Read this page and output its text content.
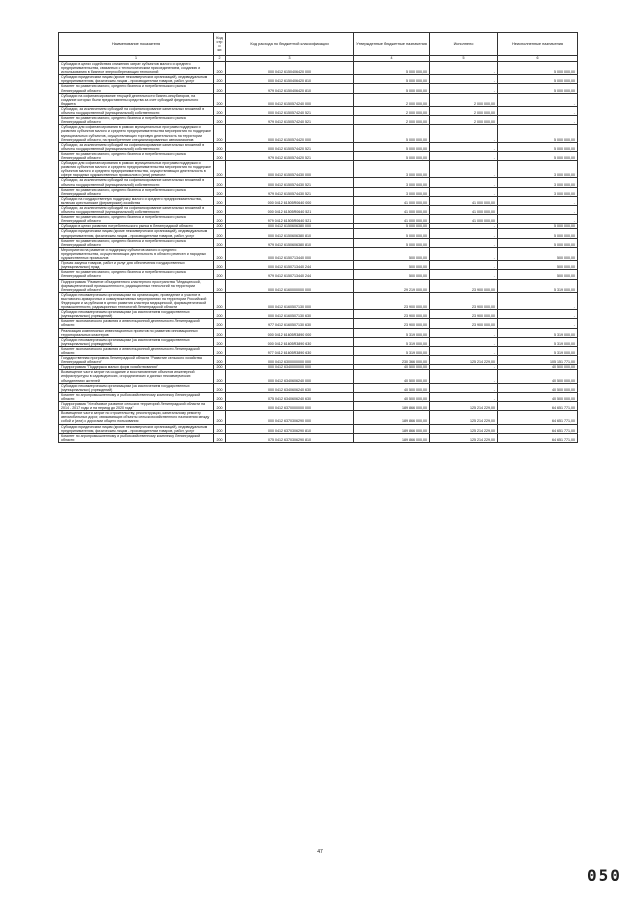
Наименование показателя	Код стро ки	Код расхода по бюджетной классификации	Утвержденные бюджетные назначения	Исполнено	Неисполненные назначения
1	2	3	4	5	6
Субсидии в целях содействия снижению затрат субъектов малого и среднего предпринимательства, связанных с технологическим присоединением, созданию и использованию в бизнесе энергосберегающих технологий	200	000 0412 6150406420 000	5 000 000,00	-	5 000 000,00
Субсидии юридическим лицам (кроме некоммерческих организаций), индивидуальным предпринимателям, физическим лицам - производителям товаров, работ, услуг	200	000 0412 6150406420 810	5 000 000,00	-	5 000 000,00
Комитет по развитию малого, среднего бизнеса и потребительского рынка Ленинградской области	200	979 0412 6150406420 810	5 000 000,00	-	5 000 000,00
Субсидии на софинансирование текущей деятельности бизнес-инкубаторов, на создание которых были предоставлены средства за счет субсидий федерального бюджета	200	000 0412 6150574240 000	2 000 000,00	2 000 000,00	-
Субсидии, за исключением субсидий на софинансирование капитальных вложений в объекты государственной (муниципальной) собственности	200	000 0412 6150574240 521	2 000 000,00	2 000 000,00	-
Комитет по развитию малого, среднего бизнеса и потребительского рынка Ленинградской области	200	979 0412 6150574240 521	2 000 000,00	2 000 000,00	-
Субсидии для софинансирования в рамках муниципальных программ поддержки и развития субъектов малого и среднего предпринимательства мероприятия по поддержке муниципальных субъектов, осуществляющих торговую деятельность на территории Ленинградской области, на приобретение специализированных автомагазинов	200	000 0412 6150574420 000	5 000 000,00	-	5 000 000,00
Субсидии, за исключением субсидий на софинансирование капитальных вложений в объекты государственной (муниципальной) собственности	200	000 0412 6150574420 521	5 000 000,00	-	5 000 000,00
Комитет по развитию малого, среднего бизнеса и потребительского рынка Ленинградской области	200	979 0412 6150574420 521	5 000 000,00	-	5 000 000,00
Субсидии для софинансирования в рамках муниципальных программ поддержки и развития субъектов малого и среднего предпринимательства мероприятия по поддержке субъектов малого и среднего предпринимательства, осуществляющих деятельность в сфере народных художественных промыслов и (или) ремесел	200	000 0412 6150574430 000	3 000 000,00	-	3 000 000,00
Субсидии, за исключением субсидий на софинансирование капитальных вложений в объекты государственной (муниципальной) собственности	200	000 0412 6150574430 521	3 000 000,00	-	3 000 000,00
Комитет по развитию малого, среднего бизнеса и потребительского рынка Ленинградской области	200	979 0412 6150574430 521	3 000 000,00	-	3 000 000,00
Субсидии на государственную поддержку малого и среднего предпринимательства, включая крестьянские (фермерские) хозяйства	200	000 0412 61505R0640 000	41 000 000,00	41 000 000,00	-
Субсидии, за исключением субсидий на софинансирование капитальных вложений в объекты государственной (муниципальной) собственности	200	000 0412 61505R0640 521	41 000 000,00	41 000 000,00	-
Комитет по развитию малого, среднего бизнеса и потребительского рынка Ленинградской области	200	979 0412 61505R0640 521	41 000 000,00	41 000 000,00	-
Субсидии в целях развития потребительского рынка в Ленинградской области	200	000 0412 6150606380 000	5 000 000,00	-	5 000 000,00
Субсидии юридическим лицам (кроме некоммерческих организаций), индивидуальным предпринимателям, физическим лицам - производителям товаров, работ, услуг	200	000 0412 6150606380 810	5 000 000,00	-	5 000 000,00
Комитет по развитию малого, среднего бизнеса и потребительского рынка Ленинградской области	200	979 0412 6150606380 810	5 000 000,00	-	5 000 000,00
Мероприятия на развитие и поддержку субъектов малого и среднего предпринимательства, осуществляющих деятельность в области ремесел и народных художественных промыслов	200	000 0412 6150713440 000	500 000,00	-	500 000,00
Прочая закупка товаров, работ и услуг для обеспечения государственных (муниципальных) нужд	200	000 0412 6150713440 244	500 000,00	-	500 000,00
Комитет по развитию малого, среднего бизнеса и потребительского рынка Ленинградской области	200	979 0412 6150713440 244	500 000,00	-	500 000,00
Подпрограмма "Развитие объединенного кластерного пространства "Медицинской, фармацевтической промышленности, радиационных технологий на территории Ленинградской области"	200	000 0412 6160000000 000	29 219 000,00	23 900 000,00	5 319 000,00
Субсидии некоммерческим организациям на организацию, проведение и участие в выставочно-ярмарочных и коммуникативных мероприятиях на территории Российской Федерации и за рубежом в целях развития кластера медицинской, фармацевтической промышленности, радиационных технологий Ленинградской области	200	000 0412 6160507130 000	23 900 000,00	23 900 000,00	-
Субсидии некоммерческим организациям (за исключением государственных (муниципальных) учреждений)	200	000 0412 6160507130 630	23 900 000,00	23 900 000,00	-
Комитет экономического развития и инвестиционной деятельности Ленинградской области	200	977 0412 6160507130 630	23 900 000,00	23 900 000,00	-
Реализация комплексных инвестиционных проектов по развитию инновационных территориальных кластеров	200	000 0412 61605R3890 000	5 319 000,00	-	5 319 000,00
Субсидии некоммерческим организациям (за исключением государственных (муниципальных) учреждений)	200	000 0412 61605R3890 630	5 319 000,00	-	5 319 000,00
Комитет экономического развития и инвестиционной деятельности Ленинградской области	200	977 0412 61605R3890 630	5 319 000,00	-	5 319 000,00
Государственная программа Ленинградской области "Развитие сельского хозяйства Ленинградской области"	200	000 0412 6300000000 000	230 366 000,00	125 214 229,00	105 151 771,00
Подпрограмма "Поддержка малых форм хозяйствования"	200	000 0412 6340000000 000	40 500 000,00	-	40 500 000,00
Возмещение части затрат на создание и восстановление объектов инженерной инфраструктуры в садоводческих, огороднических и дачных некоммерческих объединениях жителей	200	000 0412 6340606240 000	40 500 000,00	-	40 500 000,00
Субсидии некоммерческим организациям (за исключением государственных (муниципальных) учреждений)	200	000 0412 6340606240 630	40 500 000,00	-	40 500 000,00
Комитет по агропромышленному и рыбохозяйственному комплексу Ленинградской области	200	075 0412 6340606240 630	40 500 000,00	-	40 500 000,00
Подпрограмма "Устойчивое развитие сельских территорий Ленинградской области на 2014 - 2017 годы и на период до 2020 года"	200	000 0412 6370000000 000	189 866 000,00	125 214 229,00	64 651 771,00
Возмещение части затрат по строительству, реконструкции, капитальному ремонту автомобильных дорог, связывающих объекты сельскохозяйственного назначения между собой и (или) с дорогами общего пользования	200	000 0412 6370306290 000	189 866 000,00	125 214 229,00	64 651 771,00
Субсидии юридическим лицам (кроме некоммерческих организаций), индивидуальным предпринимателям, физическим лицам - производителям товаров, работ, услуг	200	000 0412 6370306290 810	189 866 000,00	125 214 229,00	64 651 771,00
Комитет по агропромышленному и рыбохозяйственному комплексу Ленинградской области	200	075 0412 6370306290 810	189 866 000,00	125 214 229,00	64 651 771,00
47
050
